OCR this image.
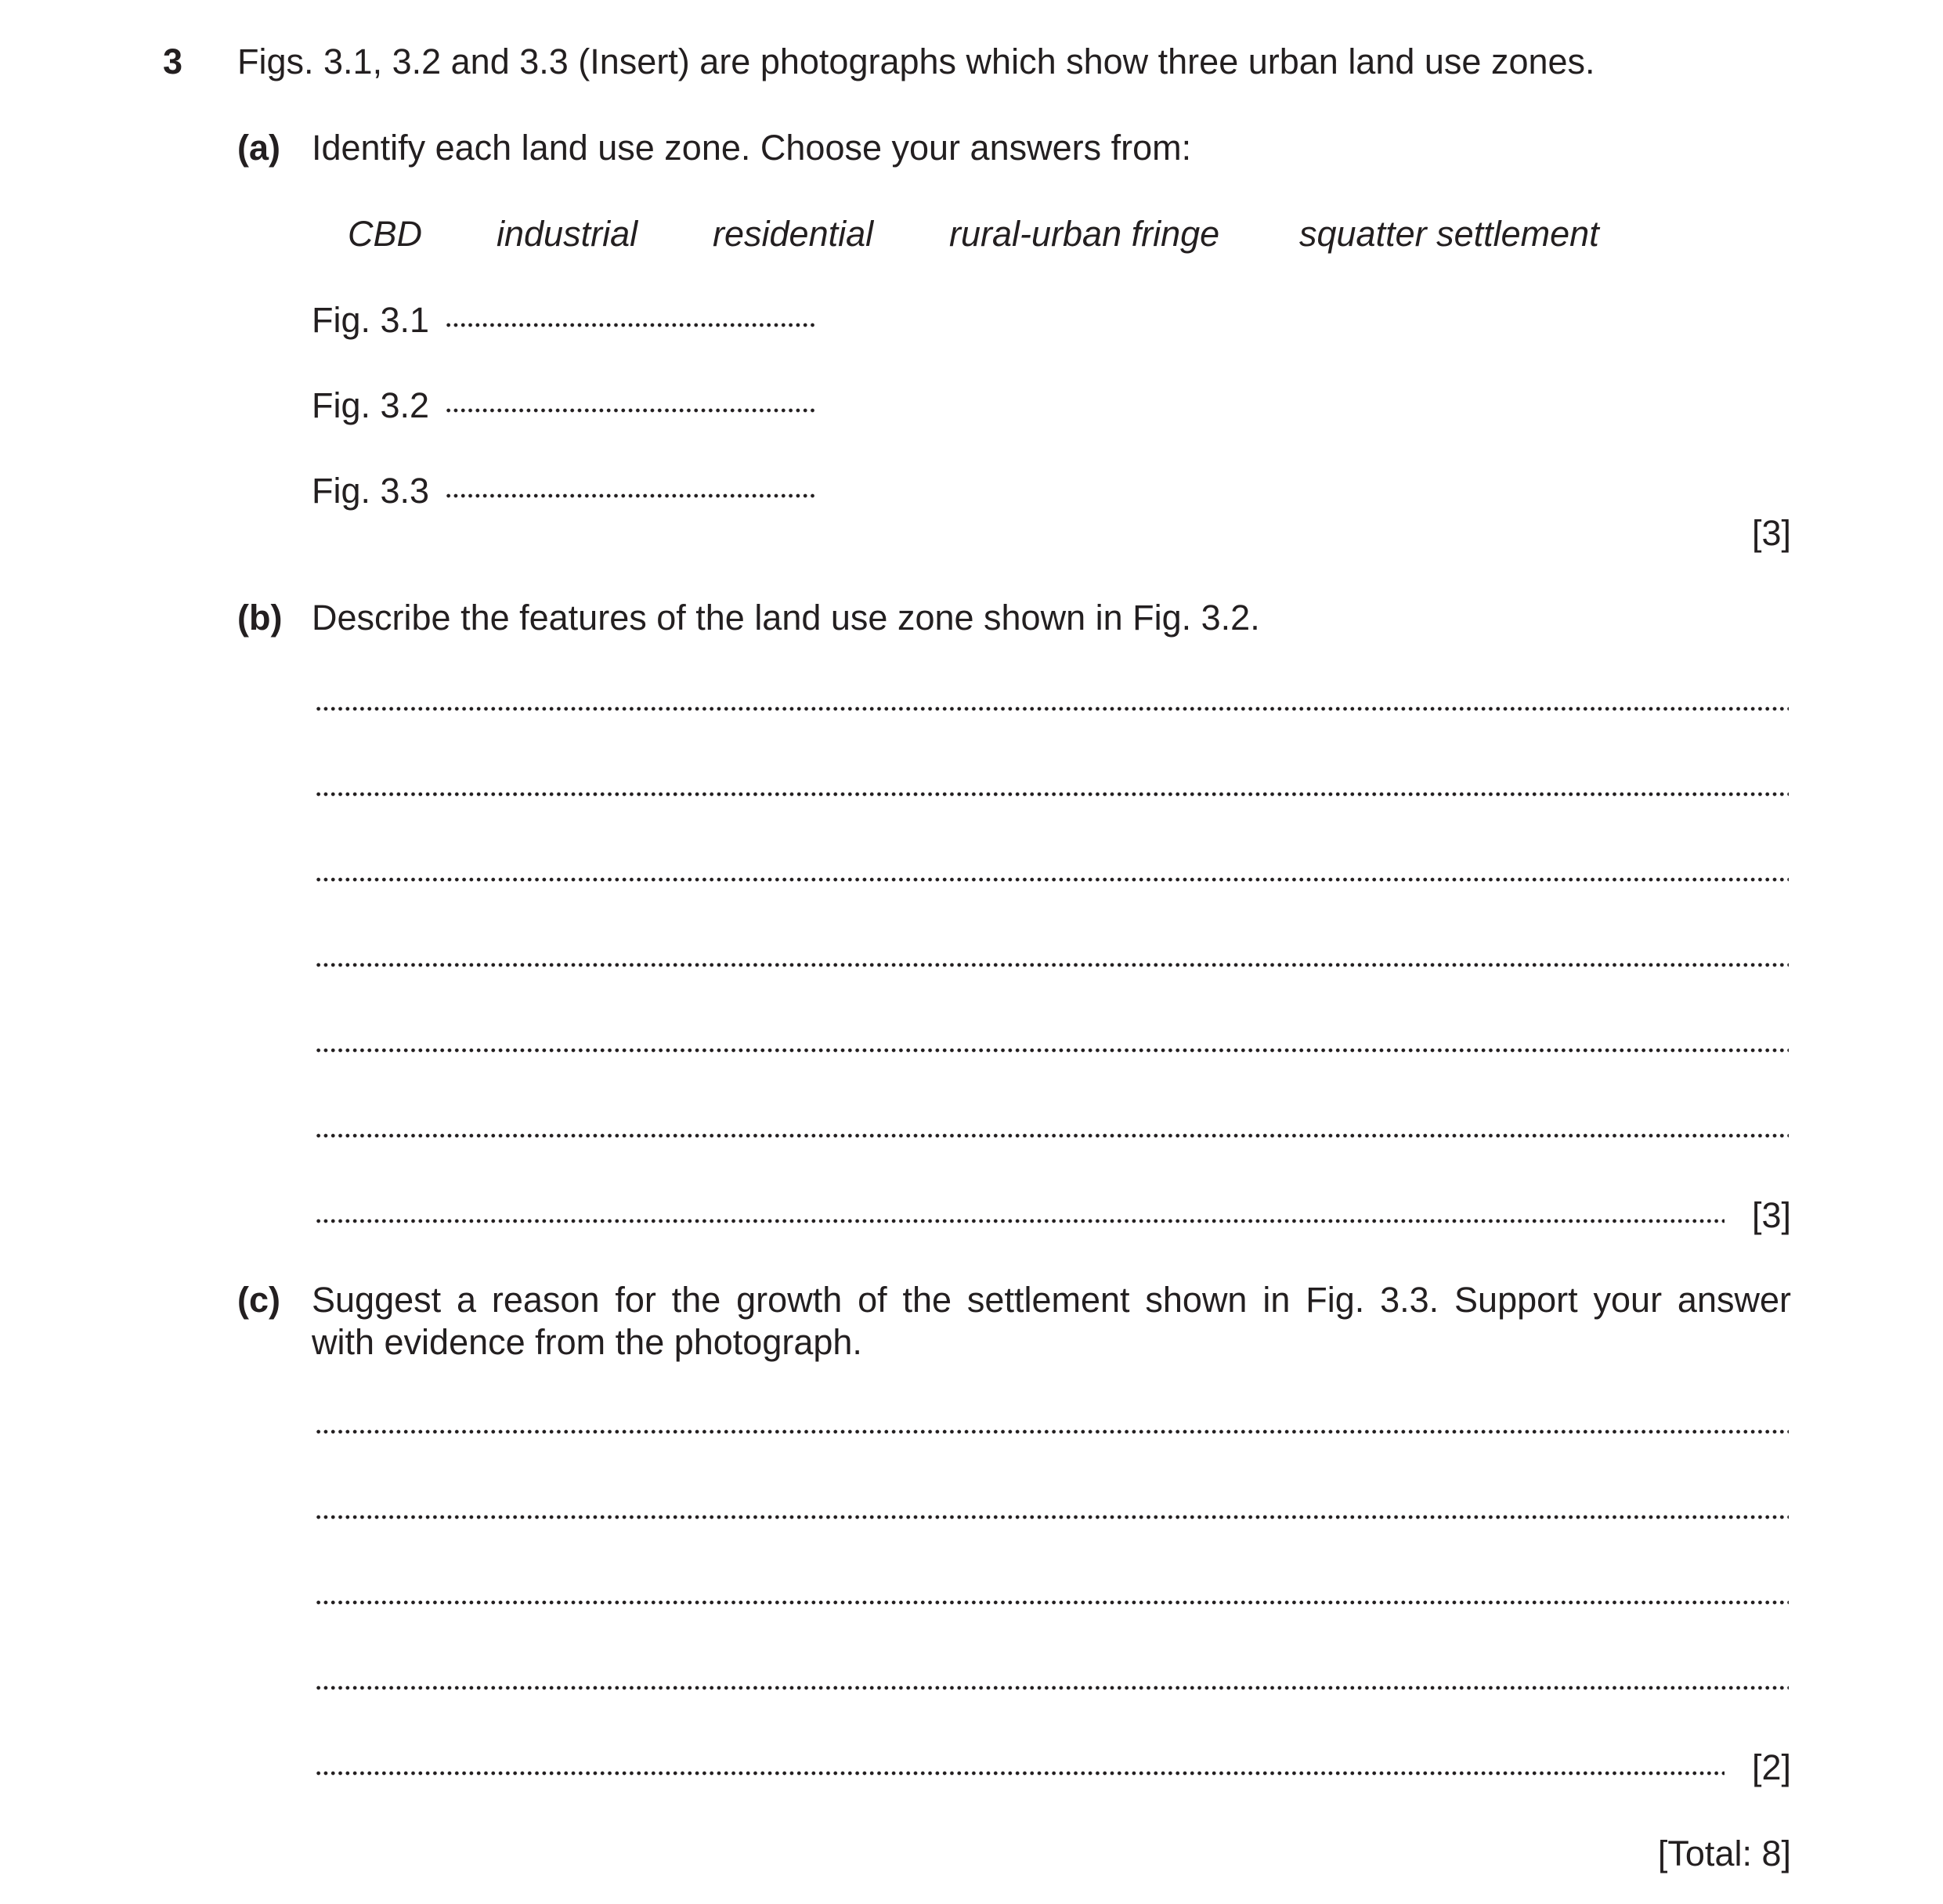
3 Figs. 3.1, 3.2 and 3.3 (Insert) are photographs which show three urban land use zones.
(a) Identify each land use zone. Choose your answers from:
CBD industrial residential rural-urban fringe squatter settlement
Fig. 3.1
Fig. 3.2
Fig. 3.3
[3]
(b) Describe the features of the land use zone shown in Fig. 3.2.
[3]
(c) Suggest a reason for the growth of the settlement shown in Fig. 3.3. Support your answer
with evidence from the photograph.
[2]
[Total: 8]
